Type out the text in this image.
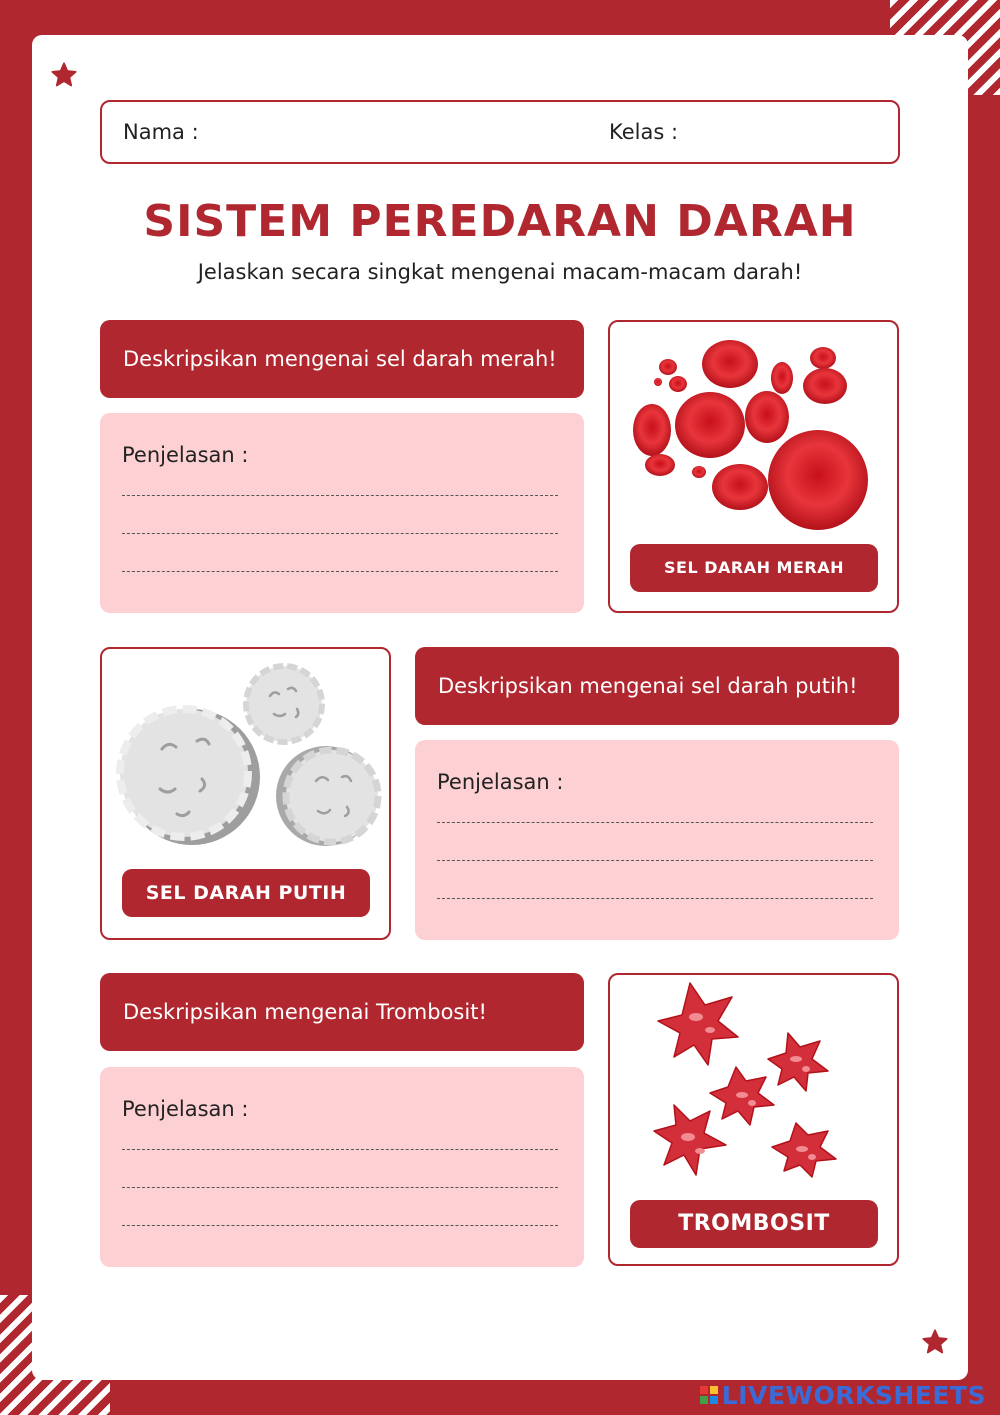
Nama :	Kelas :
SISTEM PEREDARAN DARAH
Jelaskan secara singkat mengenai macam-macam darah!
Deskripsikan mengenai sel darah merah!
Penjelasan :
SEL DARAH MERAH
SEL DARAH PUTIH
Deskripsikan mengenai sel darah putih!
Penjelasan :
Deskripsikan mengenai Trombosit!
Penjelasan :
TROMBOSIT
LIVEWORKSHEETS
